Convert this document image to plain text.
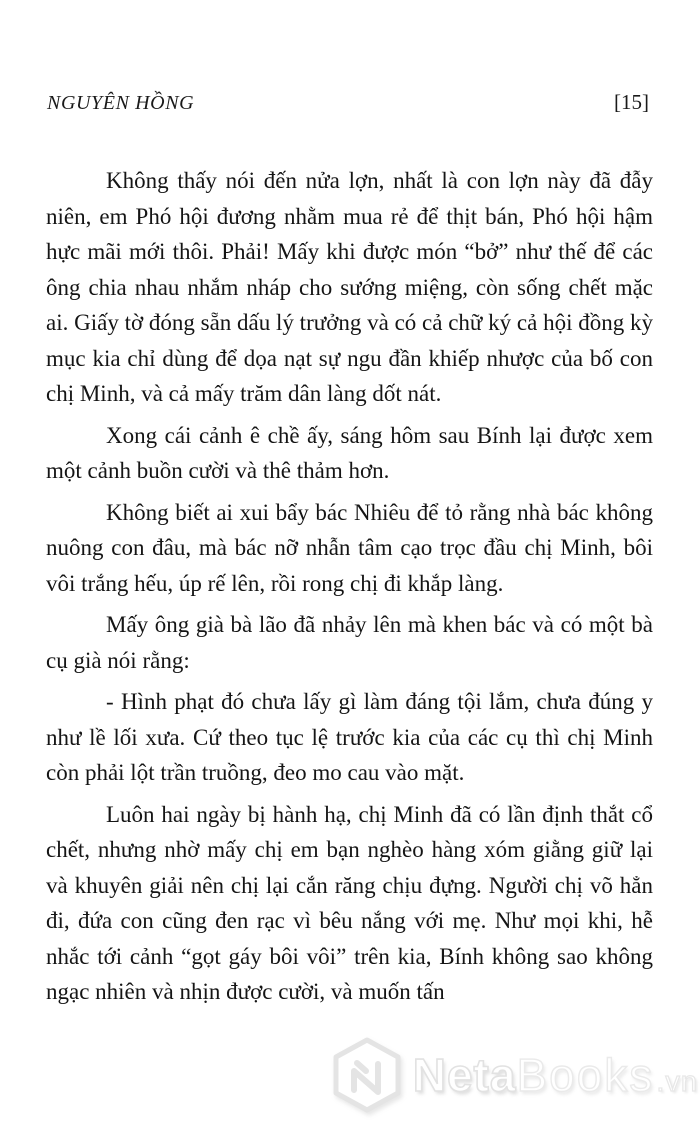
NGUYÊN HỒNG	[15]

Không thấy nói đến nửa lợn, nhất là con lợn này đã đẫy niên, em Phó hội đương nhằm mua rẻ để thịt bán, Phó hội hậm hực mãi mới thôi. Phải! Mấy khi được món “bở” như thế để các ông chia nhau nhắm nháp cho sướng miệng, còn sống chết mặc ai. Giấy tờ đóng sẵn dấu lý trưởng và có cả chữ ký cả hội đồng kỳ mục kia chỉ dùng để dọa nạt sự ngu đần khiếp nhược của bố con chị Minh, và cả mấy trăm dân làng dốt nát.

Xong cái cảnh ê chề ấy, sáng hôm sau Bính lại được xem một cảnh buồn cười và thê thảm hơn.

Không biết ai xui bẩy bác Nhiêu để tỏ rằng nhà bác không nuông con đâu, mà bác nỡ nhẫn tâm cạo trọc đầu chị Minh, bôi vôi trắng hếu, úp rế lên, rồi rong chị đi khắp làng.

Mấy ông già bà lão đã nhảy lên mà khen bác và có một bà cụ già nói rằng:

- Hình phạt đó chưa lấy gì làm đáng tội lắm, chưa đúng y như lề lối xưa. Cứ theo tục lệ trước kia của các cụ thì chị Minh còn phải lột trần truồng, đeo mo cau vào mặt.

Luôn hai ngày bị hành hạ, chị Minh đã có lần định thắt cổ chết, nhưng nhờ mấy chị em bạn nghèo hàng xóm giằng giữ lại và khuyên giải nên chị lại cắn răng chịu đựng. Người chị võ hẳn đi, đứa con cũng đen rạc vì bêu nắng với mẹ. Như mọi khi, hễ nhắc tới cảnh “gọt gáy bôi vôi” trên kia, Bính không sao không ngạc nhiên và nhịn được cười, và muốn tấn

Neta Books .vn
